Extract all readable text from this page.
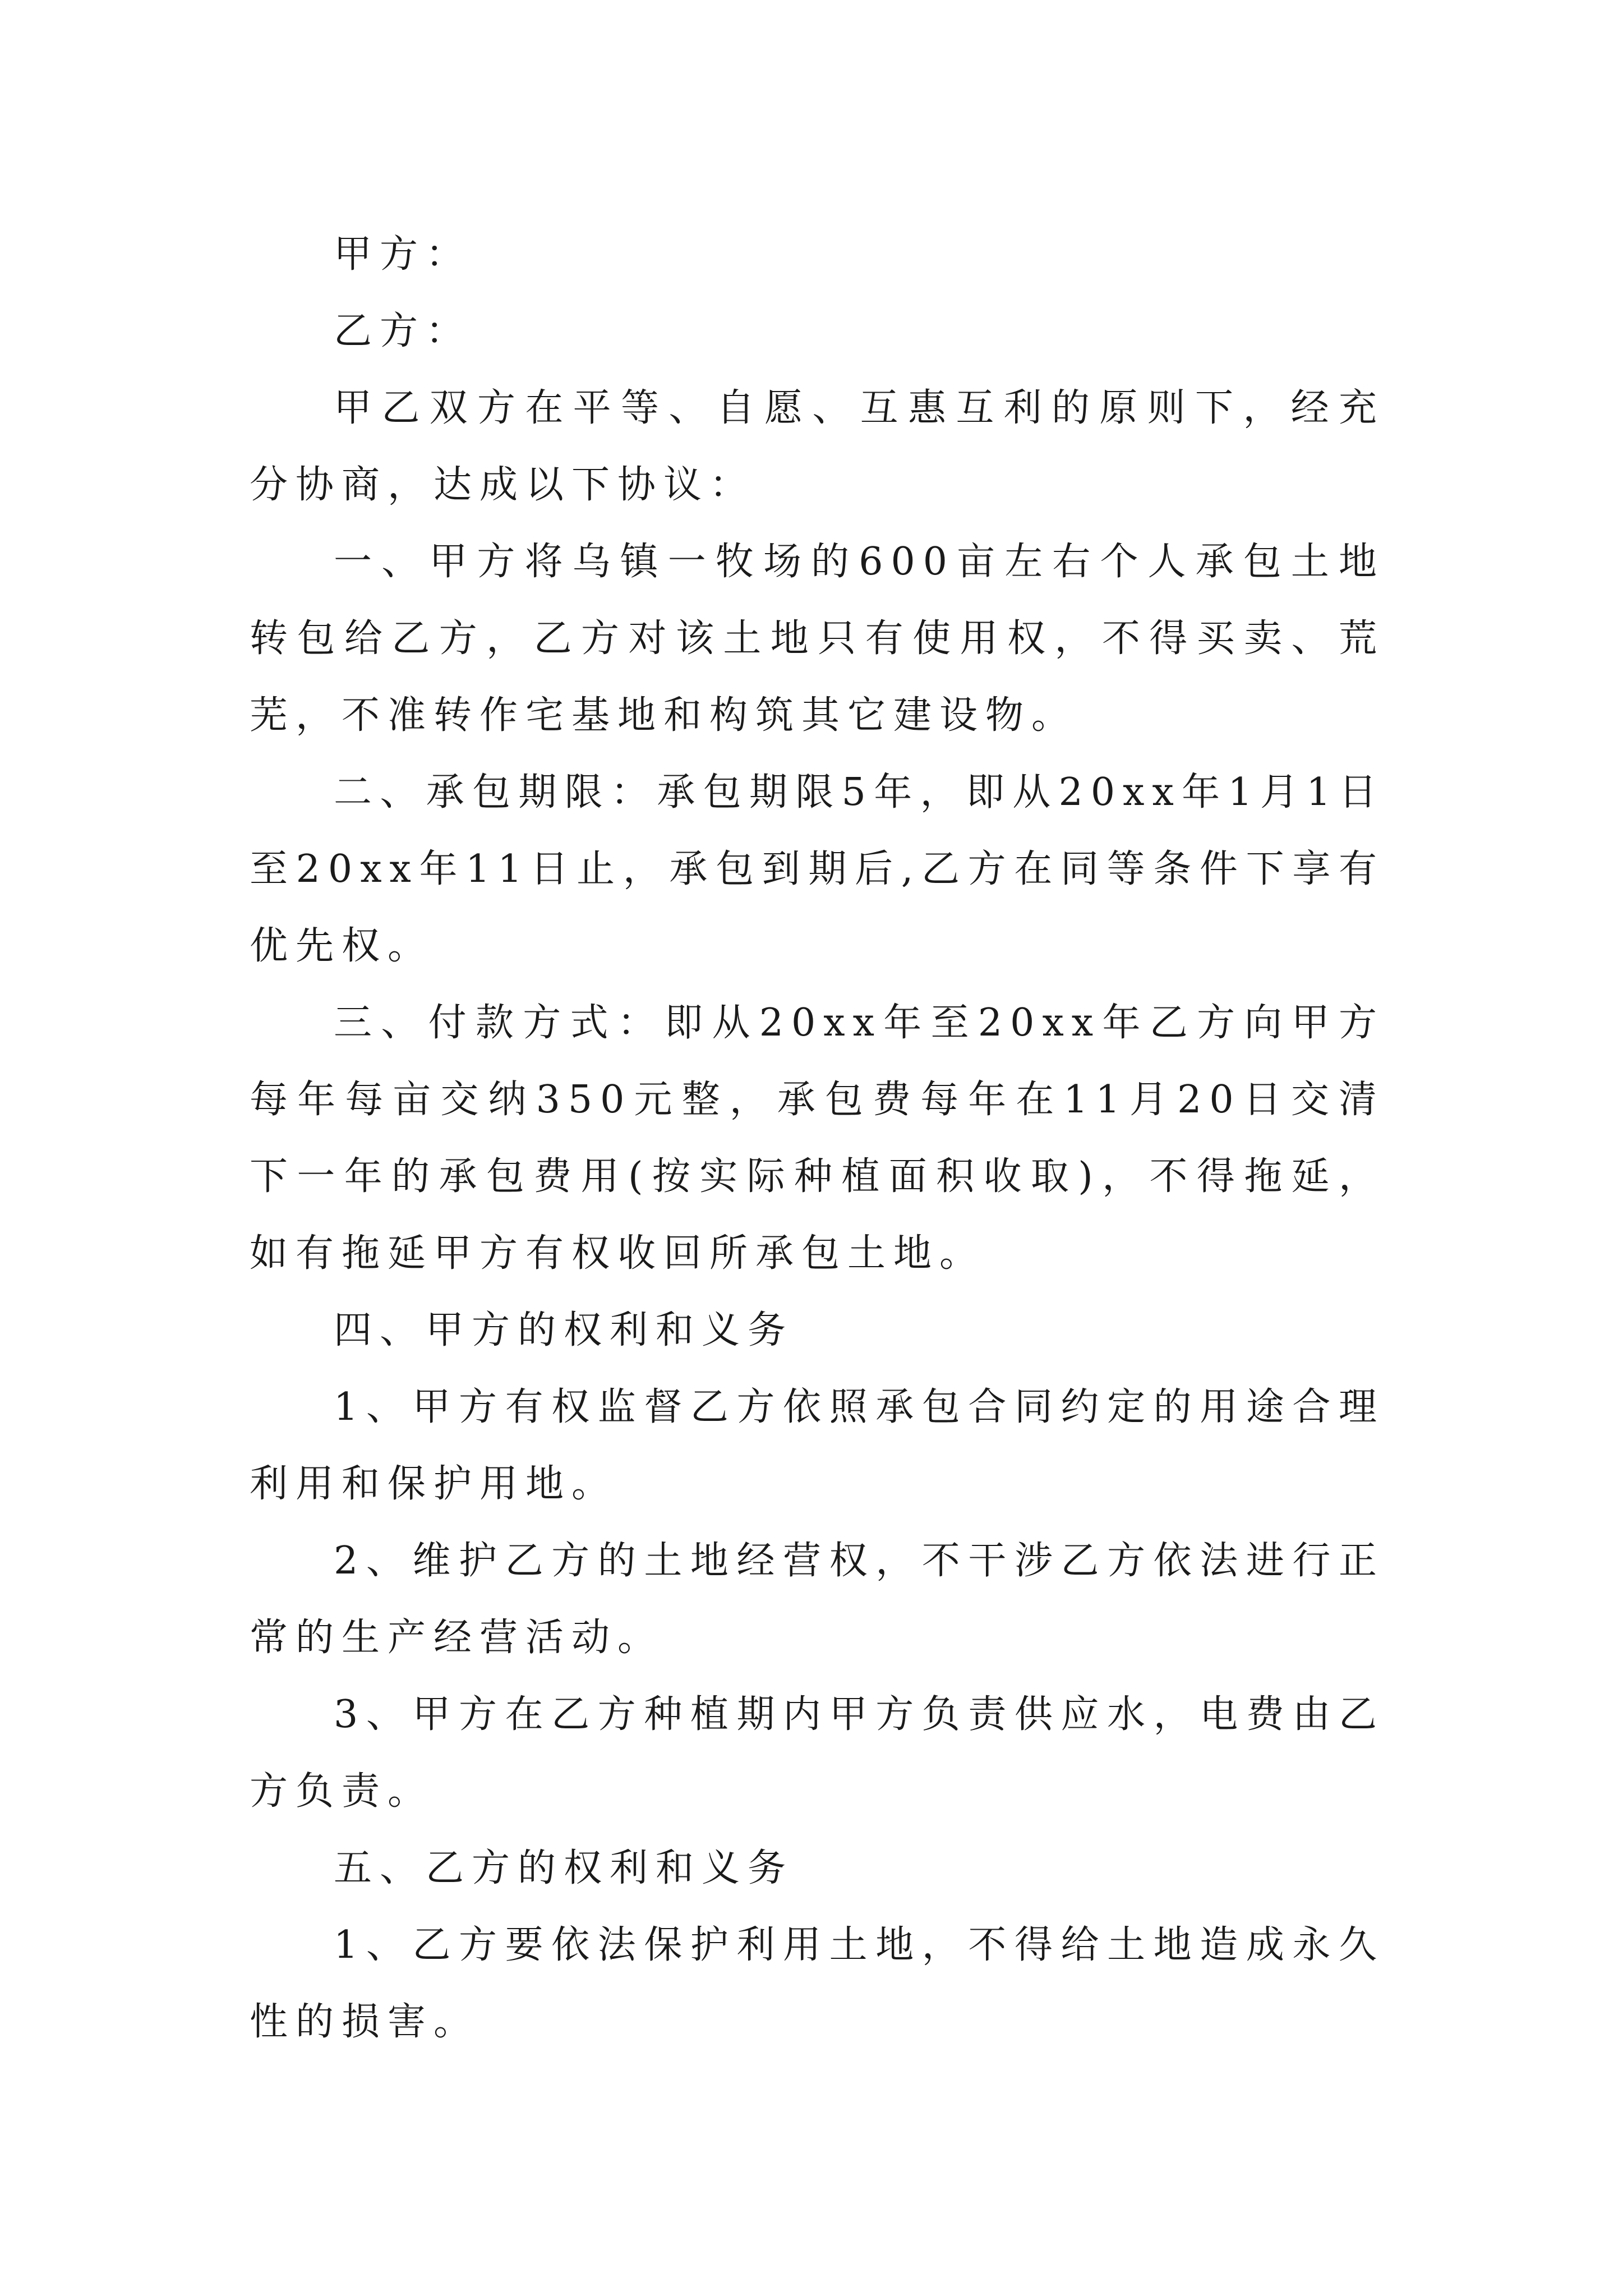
甲方：

乙方：

甲乙双方在平等、自愿、互惠互利的原则下，经充分协商，达成以下协议：

一、甲方将乌镇一牧场的600亩左右个人承包土地转包给乙方，乙方对该土地只有使用权，不得买卖、荒芜，不准转作宅基地和构筑其它建设物。

二、承包期限：承包期限5年，即从20xx年1月1日至20xx年11日止，承包到期后,乙方在同等条件下享有优先权。

三、付款方式：即从20xx年至20xx年乙方向甲方每年每亩交纳350元整，承包费每年在11月20日交清下一年的承包费用(按实际种植面积收取)，不得拖延，如有拖延甲方有权收回所承包土地。

四、甲方的权利和义务

1、甲方有权监督乙方依照承包合同约定的用途合理利用和保护用地。

2、维护乙方的土地经营权，不干涉乙方依法进行正常的生产经营活动。

3、甲方在乙方种植期内甲方负责供应水，电费由乙方负责。

五、乙方的权利和义务

1、乙方要依法保护利用土地，不得给土地造成永久性的损害。
